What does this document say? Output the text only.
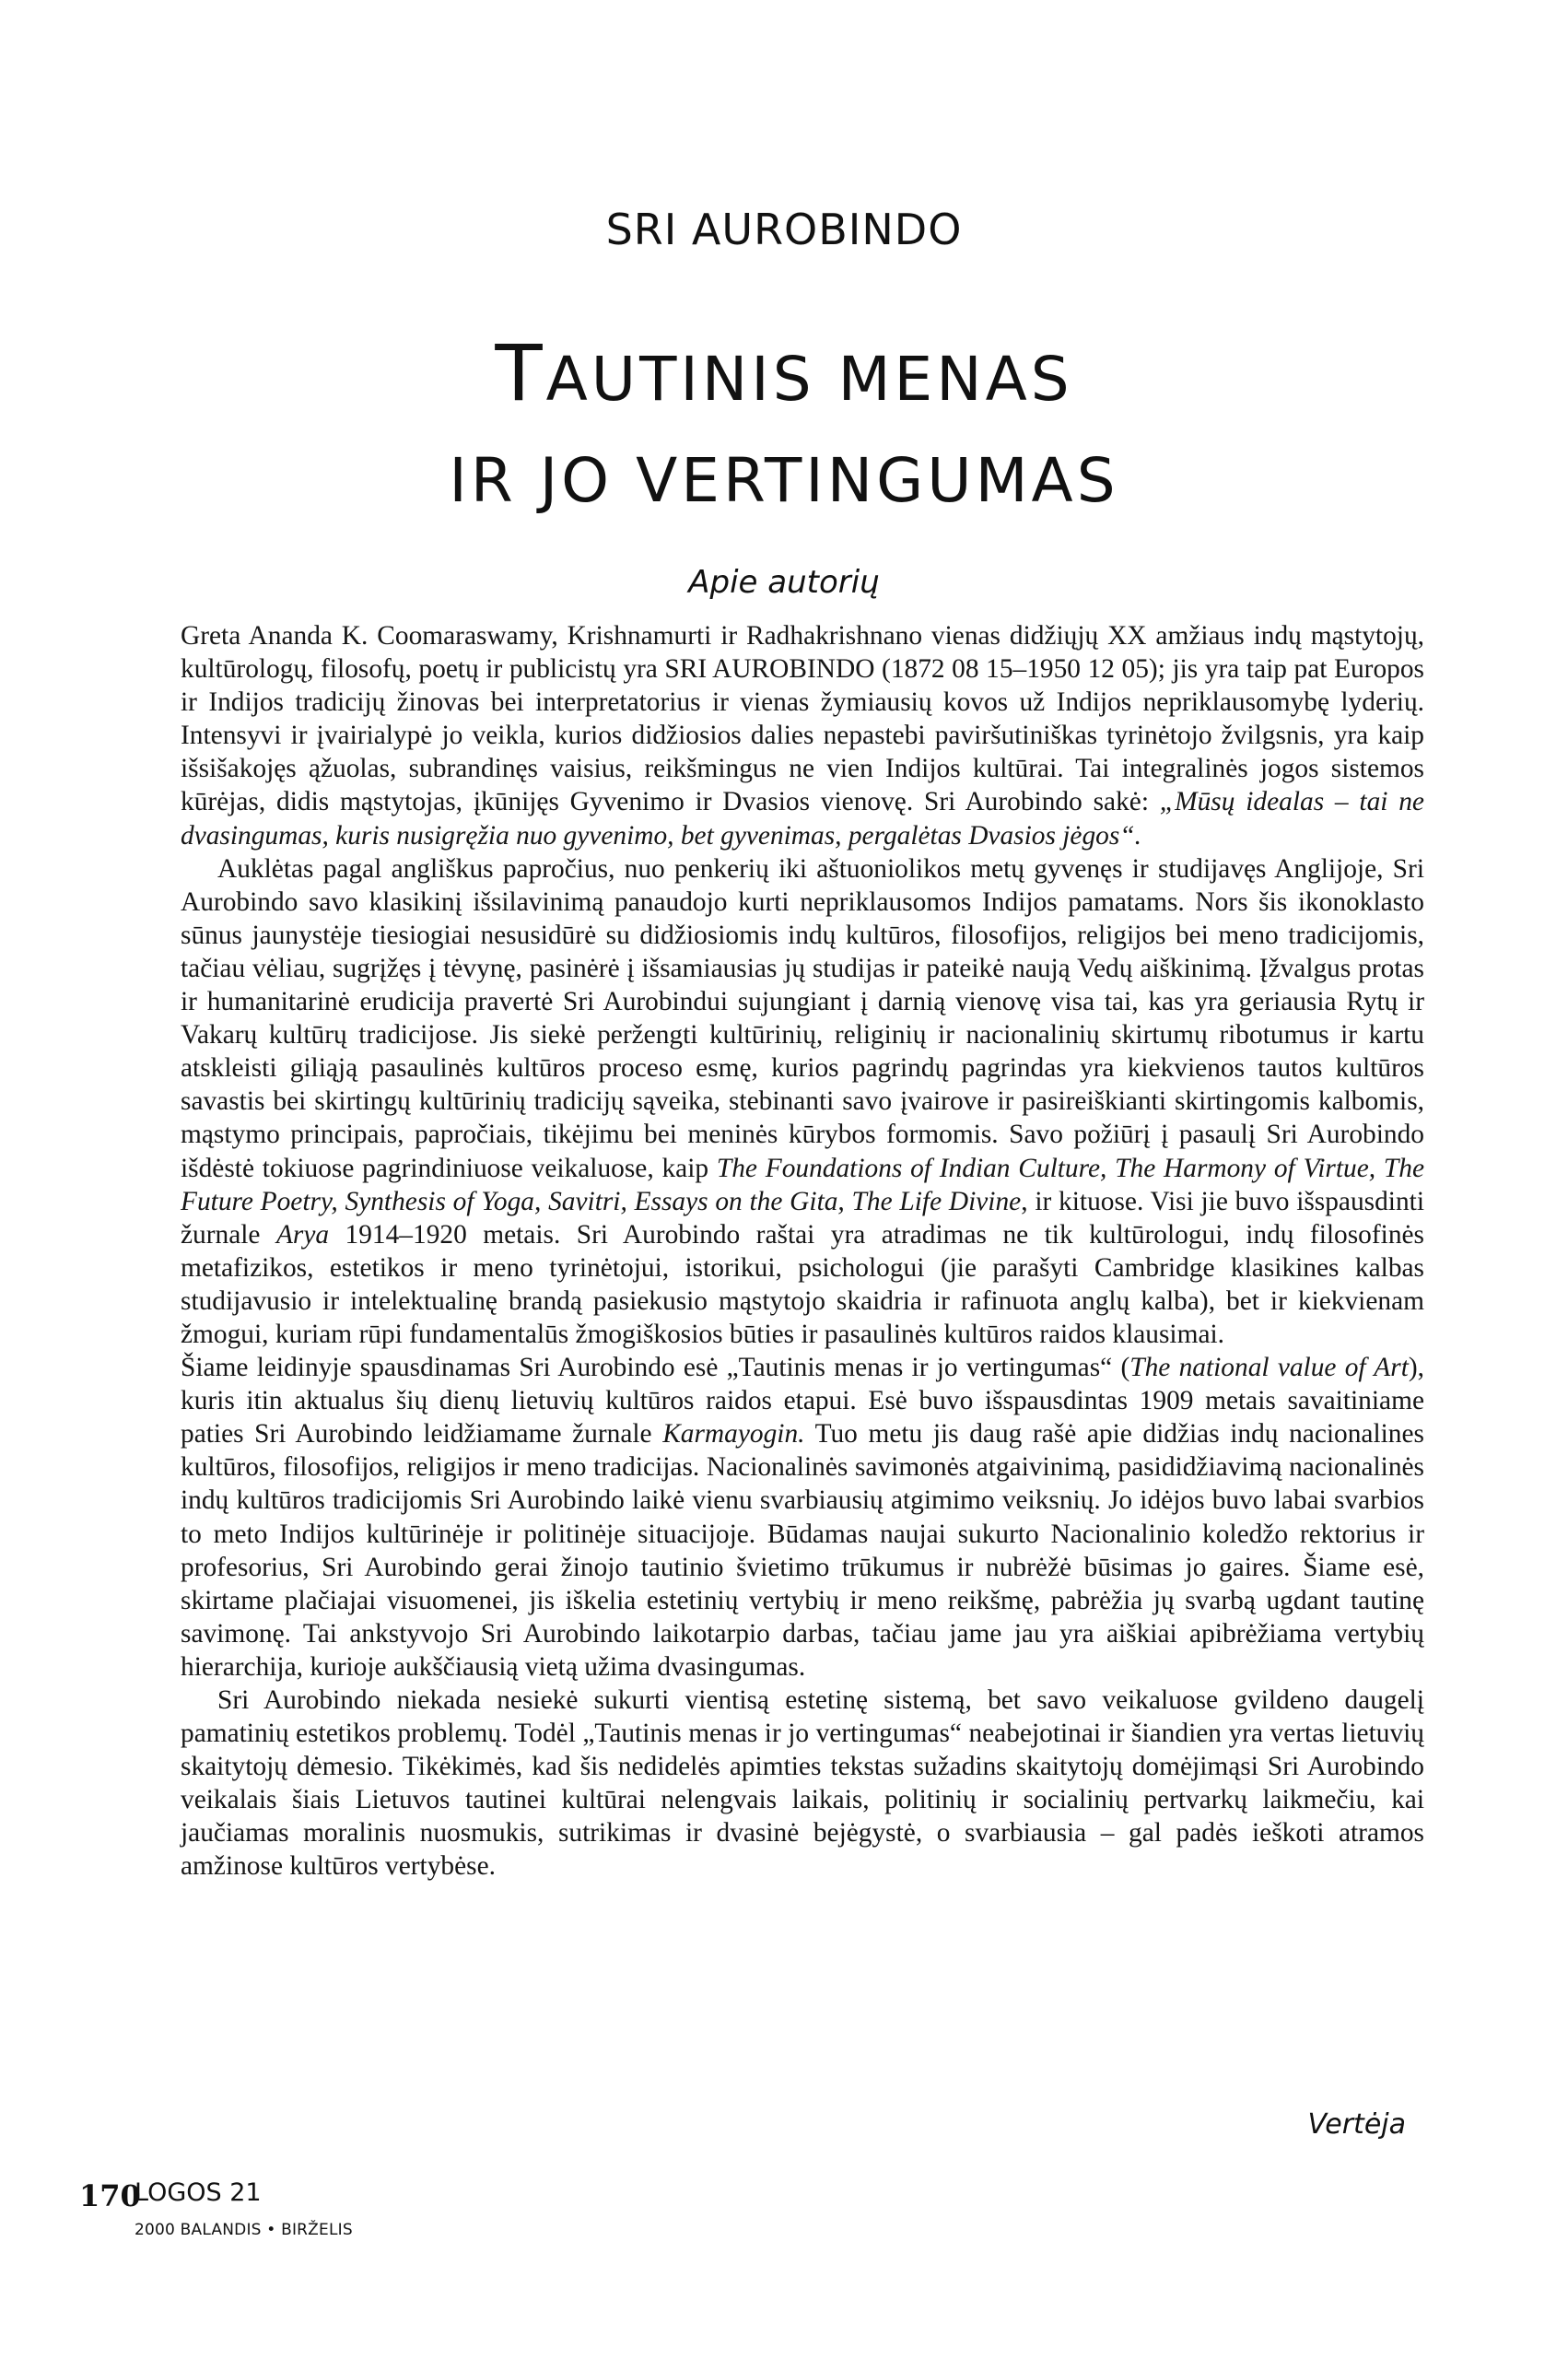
SRI AUROBINDO
TAUTINIS MENAS
IR JO VERTINGUMAS
Apie autorių

Greta Ananda K. Coomaraswamy, Krishnamurti ir Radhakrishnano vienas didžiųjų XX amžiaus indų mąstytojų, kultūrologų, filosofų, poetų ir publicistų yra SRI AUROBINDO (1872 08 15–1950 12 05); jis yra taip pat Europos ir Indijos tradicijų žinovas bei interpretatorius ir vienas žymiausių kovos už Indijos nepriklausomybę lyderių. Intensyvi ir įvairialypė jo veikla, kurios didžiosios dalies nepastebi paviršutiniškas tyrinėtojo žvilgsnis, yra kaip išsišakojęs ąžuolas, subrandinęs vaisius, reikšmingus ne vien Indijos kultūrai. Tai integralinės jogos sistemos kūrėjas, didis mąstytojas, įkūnijęs Gyvenimo ir Dvasios vienovę. Sri Aurobindo sakė: „Mūsų idealas – tai ne dvasingumas, kuris nusigręžia nuo gyvenimo, bet gyvenimas, pergalėtas Dvasios jėgos“.

Auklėtas pagal angliškus papročius, nuo penkerių iki aštuoniolikos metų gyvenęs ir studijavęs Anglijoje, Sri Aurobindo savo klasikinį išsilavinimą panaudojo kurti nepriklausomos Indijos pamatams. Nors šis ikonoklasto sūnus jaunystėje tiesiogiai nesusidūrė su didžiosiomis indų kultūros, filosofijos, religijos bei meno tradicijomis, tačiau vėliau, sugrįžęs į tėvynę, pasinėrė į išsamiausias jų studijas ir pateikė naują Vedų aiškinimą. Įžvalgus protas ir humanitarinė erudicija pravertė Sri Aurobindui sujungiant į darnią vienovę visa tai, kas yra geriausia Rytų ir Vakarų kultūrų tradicijose. Jis siekė peržengti kultūrinių, religinių ir nacionalinių skirtumų ribotumus ir kartu atskleisti giliąją pasaulinės kultūros proceso esmę, kurios pagrindų pagrindas yra kiekvienos tautos kultūros savastis bei skirtingų kultūrinių tradicijų sąveika, stebinanti savo įvairove ir pasireiškianti skirtingomis kalbomis, mąstymo principais, papročiais, tikėjimu bei meninės kūrybos formomis. Savo požiūrį į pasaulį Sri Aurobindo išdėstė tokiuose pagrindiniuose veikaluose, kaip The Foundations of Indian Culture, The Harmony of Virtue, The Future Poetry, Synthesis of Yoga, Savitri, Essays on the Gita, The Life Divine, ir kituose. Visi jie buvo išspausdinti žurnale Arya 1914–1920 metais. Sri Aurobindo raštai yra atradimas ne tik kultūrologui, indų filosofinės metafizikos, estetikos ir meno tyrinėtojui, istorikui, psichologui (jie parašyti Cambridge klasikines kalbas studijavusio ir intelektualinę brandą pasiekusio mąstytojo skaidria ir rafinuota anglų kalba), bet ir kiekvienam žmogui, kuriam rūpi fundamentalūs žmogiškosios būties ir pasaulinės kultūros raidos klausimai.

Šiame leidinyje spausdinamas Sri Aurobindo esė „Tautinis menas ir jo vertingumas“ (The national value of Art), kuris itin aktualus šių dienų lietuvių kultūros raidos etapui. Esė buvo išspausdintas 1909 metais savaitiniame paties Sri Aurobindo leidžiamame žurnale Karmayogin. Tuo metu jis daug rašė apie didžias indų nacionalines kultūros, filosofijos, religijos ir meno tradicijas. Nacionalinės savimonės atgaivinimą, pasididžiavimą nacionalinės indų kultūros tradicijomis Sri Aurobindo laikė vienu svarbiausių atgimimo veiksnių. Jo idėjos buvo labai svarbios to meto Indijos kultūrinėje ir politinėje situacijoje. Būdamas naujai sukurto Nacionalinio koledžo rektorius ir profesorius, Sri Aurobindo gerai žinojo tautinio švietimo trūkumus ir nubrėžė būsimas jo gaires. Šiame esė, skirtame plačiajai visuomenei, jis iškelia estetinių vertybių ir meno reikšmę, pabrėžia jų svarbą ugdant tautinę savimonę. Tai ankstyvojo Sri Aurobindo laikotarpio darbas, tačiau jame jau yra aiškiai apibrėžiama vertybių hierarchija, kurioje aukščiausią vietą užima dvasingumas.

Sri Aurobindo niekada nesiekė sukurti vientisą estetinę sistemą, bet savo veikaluose gvildeno daugelį pamatinių estetikos problemų. Todėl „Tautinis menas ir jo vertingumas“ neabejotinai ir šiandien yra vertas lietuvių skaitytojų dėmesio. Tikėkimės, kad šis nedidelės apimties tekstas sužadins skaitytojų domėjimąsi Sri Aurobindo veikalais šiais Lietuvos tautinei kultūrai nelengvais laikais, politinių ir socialinių pertvarkų laikmečiu, kai jaučiamas moralinis nuosmukis, sutrikimas ir dvasinė bejėgystė, o svarbiausia – gal padės ieškoti atramos amžinose kultūros vertybėse.

Vertėja
170
LOGOS 21
2000 BALANDIS • BIRŽELIS
